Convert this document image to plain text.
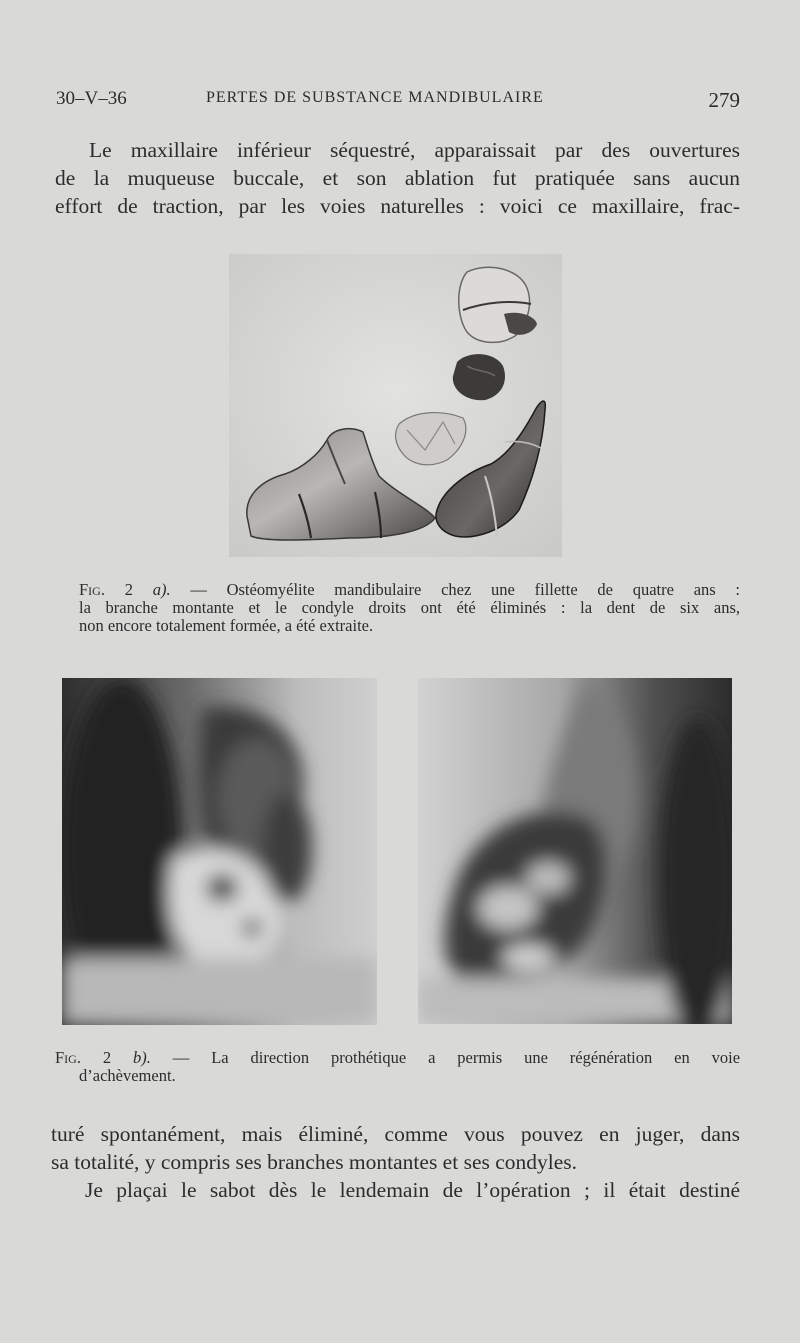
30–V–36	PERTES DE SUBSTANCE MANDIBULAIRE	279
Le maxillaire inférieur séquestré, apparaissait par des ouvertures
de la muqueuse buccale, et son ablation fut pratiquée sans aucun
effort de traction, par les voies naturelles : voici ce maxillaire, frac-
Fig. 2 a). — Ostéomyélite mandibulaire chez une fillette de quatre ans :
la branche montante et le condyle droits ont été éliminés : la dent de six ans,
non encore totalement formée, a été extraite.
Fig. 2 b). — La direction prothétique a permis une régénération en voie
d’achèvement.
turé spontanément, mais éliminé, comme vous pouvez en juger, dans
sa totalité, y compris ses branches montantes et ses condyles.
Je plaçai le sabot dès le lendemain de l’opération ; il était destiné
